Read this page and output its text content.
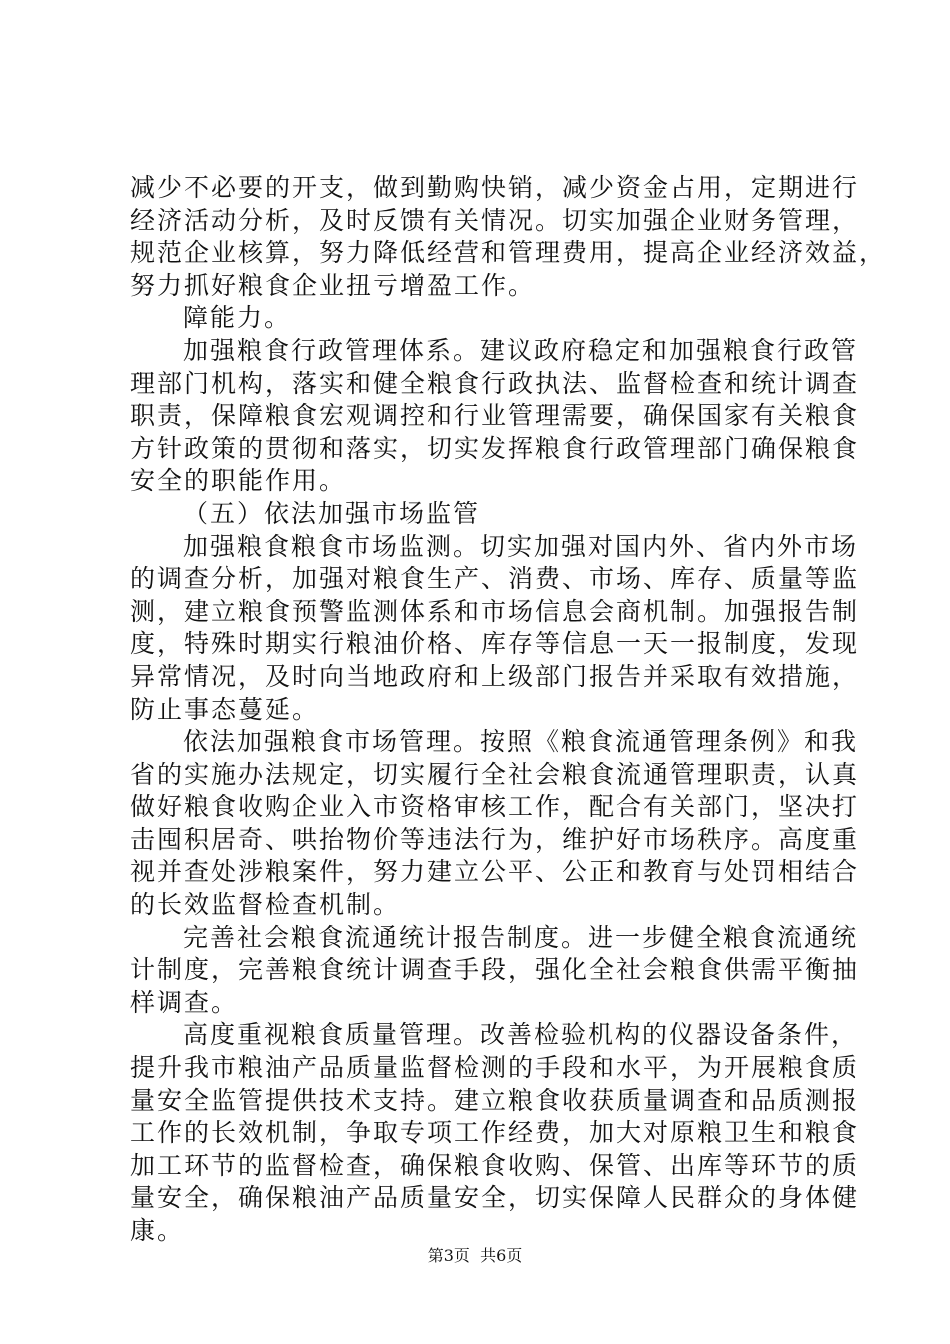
减少不必要的开支，做到勤购快销，减少资金占用，定期进行
经济活动分析，及时反馈有关情况。切实加强企业财务管理，
规范企业核算，努力降低经营和管理费用，提高企业经济效益，
努力抓好粮食企业扭亏增盈工作。
障能力。
加强粮食行政管理体系。建议政府稳定和加强粮食行政管
理部门机构，落实和健全粮食行政执法、监督检查和统计调查
职责，保障粮食宏观调控和行业管理需要，确保国家有关粮食
方针政策的贯彻和落实，切实发挥粮食行政管理部门确保粮食
安全的职能作用。
（五）依法加强市场监管
加强粮食粮食市场监测。切实加强对国内外、省内外市场
的调查分析，加强对粮食生产、消费、市场、库存、质量等监
测，建立粮食预警监测体系和市场信息会商机制。加强报告制
度，特殊时期实行粮油价格、库存等信息一天一报制度，发现
异常情况，及时向当地政府和上级部门报告并采取有效措施，
防止事态蔓延。
依法加强粮食市场管理。按照《粮食流通管理条例》和我
省的实施办法规定，切实履行全社会粮食流通管理职责，认真
做好粮食收购企业入市资格审核工作，配合有关部门，坚决打
击囤积居奇、哄抬物价等违法行为，维护好市场秩序。高度重
视并查处涉粮案件，努力建立公平、公正和教育与处罚相结合
的长效监督检查机制。
完善社会粮食流通统计报告制度。进一步健全粮食流通统
计制度，完善粮食统计调查手段，强化全社会粮食供需平衡抽
样调查。
高度重视粮食质量管理。改善检验机构的仪器设备条件，
提升我市粮油产品质量监督检测的手段和水平，为开展粮食质
量安全监管提供技术支持。建立粮食收获质量调查和品质测报
工作的长效机制，争取专项工作经费，加大对原粮卫生和粮食
加工环节的监督检查，确保粮食收购、保管、出库等环节的质
量安全，确保粮油产品质量安全，切实保障人民群众的身体健
康。
第3页  共6页
